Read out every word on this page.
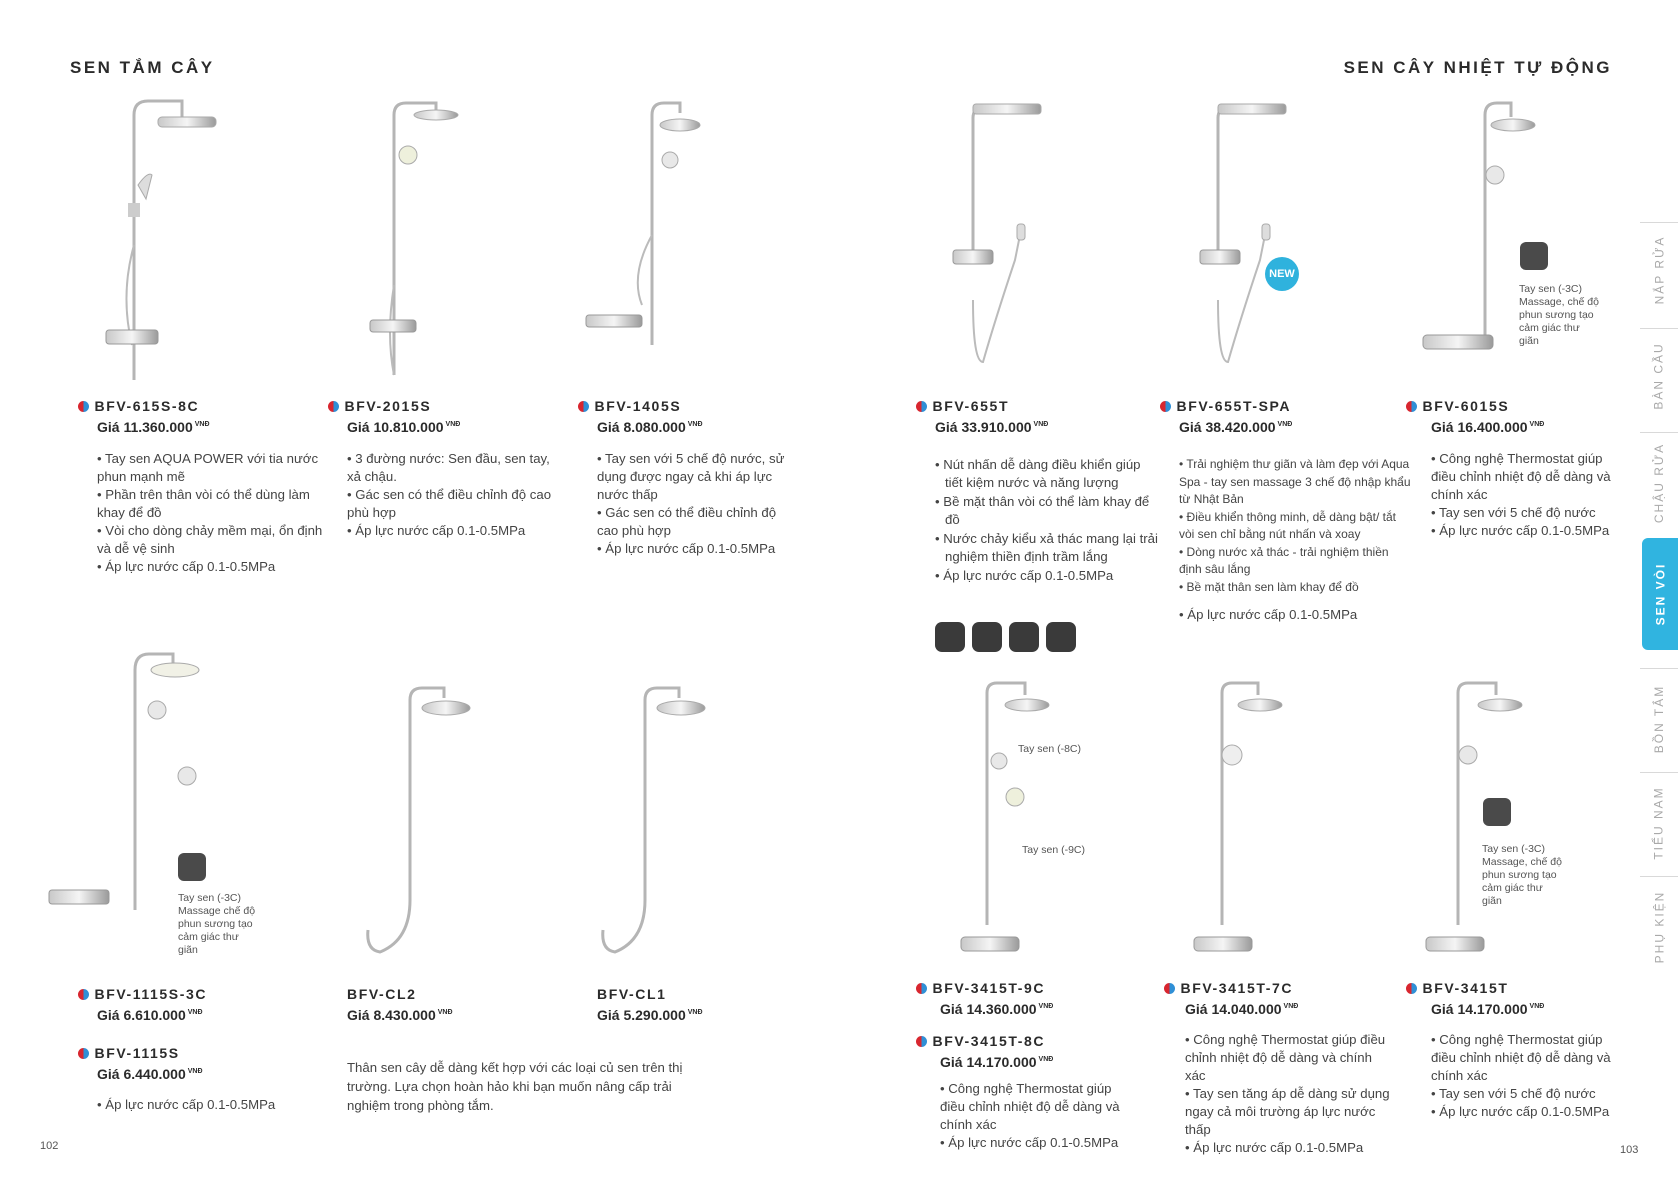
SEN TẮM CÂY	SEN CÂY NHIỆT TỰ ĐỘNG
BFV-615S-8C
Giá 11.360.000 $^{VNĐ}$
• Tay sen AQUA POWER với tia nước phun mạnh mẽ
• Phần trên thân vòi có thể dùng làm khay để đồ
• Vòi cho dòng chảy mềm mại, ổn định và dễ vệ sinh
• Áp lực nước cấp 0.1-0.5MPa
BFV-2015S
Giá 10.810.000 $^{VNĐ}$
• 3 đường nước: Sen đầu, sen tay, xả chậu.
• Gác sen có thể điều chỉnh độ cao phù hợp
• Áp lực nước cấp 0.1-0.5MPa
BFV-1405S
Giá 8.080.000 $^{VNĐ}$
• Tay sen với 5 chế độ nước, sử dụng được ngay cả khi áp lực nước thấp
• Gác sen có thể điều chỉnh độ cao phù hợp
• Áp lực nước cấp 0.1-0.5MPa
BFV-655T
Giá 33.910.000 $^{VNĐ}$
• Nút nhấn dễ dàng điều khiển giúp tiết kiệm nước và năng lượng
• Bề mặt thân vòi có thể làm khay để đồ
• Nước chảy kiểu xả thác mang lại trải nghiệm thiền định trầm lắng
• Áp lực nước cấp 0.1-0.5MPa
NEW
BFV-655T-SPA
Giá 38.420.000 $^{VNĐ}$
• Trải nghiệm thư giãn và làm đẹp với Aqua Spa - tay sen massage 3 chế độ nhập khẩu từ Nhật Bản
• Điều khiển thông minh, dễ dàng bật/ tắt vòi sen chỉ bằng nút nhấn và xoay
• Dòng nước xả thác - trải nghiệm thiền định sâu lắng
• Bề mặt thân sen làm khay để đồ
• Áp lực nước cấp 0.1-0.5MPa
Tay sen (-3C) Massage, chế độ phun sương tạo cảm giác thư giãn
BFV-6015S
Giá 16.400.000 $^{VNĐ}$
• Công nghệ Thermostat giúp điều chỉnh nhiệt độ dễ dàng và chính xác
• Tay sen với 5 chế độ nước
• Áp lực nước cấp 0.1-0.5MPa
Tay sen (-3C) Massage chế độ phun sương tạo cảm giác thư giãn
BFV-1115S-3C
Giá 6.610.000 $^{VNĐ}$
BFV-1115S
Giá 6.440.000 $^{VNĐ}$
• Áp lực nước cấp 0.1-0.5MPa
BFV-CL2
Giá 8.430.000 $^{VNĐ}$
BFV-CL1
Giá 5.290.000 $^{VNĐ}$
Thân sen cây dễ dàng kết hợp với các loại củ sen trên thị trường. Lựa chọn hoàn hảo khi bạn muốn nâng cấp trải nghiệm trong phòng tắm.
Tay sen (-8C)
Tay sen (-9C)
BFV-3415T-9C
Giá 14.360.000 $^{VNĐ}$
BFV-3415T-8C
Giá 14.170.000 $^{VNĐ}$
• Công nghệ Thermostat giúp điều chỉnh nhiệt độ dễ dàng và chính xác
• Áp lực nước cấp 0.1-0.5MPa
BFV-3415T-7C
Giá 14.040.000 $^{VNĐ}$
• Công nghệ Thermostat giúp điều chỉnh nhiệt độ dễ dàng và chính xác
• Tay sen tăng áp dễ dàng sử dụng ngay cả môi trường áp lực nước thấp
• Áp lực nước cấp 0.1-0.5MPa
Tay sen (-3C) Massage, chế độ phun sương tạo cảm giác thư giãn
BFV-3415T
Giá 14.170.000 $^{VNĐ}$
• Công nghệ Thermostat giúp điều chỉnh nhiệt độ dễ dàng và chính xác
• Tay sen với 5 chế độ nước
• Áp lực nước cấp 0.1-0.5MPa
NẮP RỬA
BÀN CẦU
CHẬU RỬA
SEN VÒI
BỒN TẮM
TIỂU NAM
PHỤ KIỆN
102	103
